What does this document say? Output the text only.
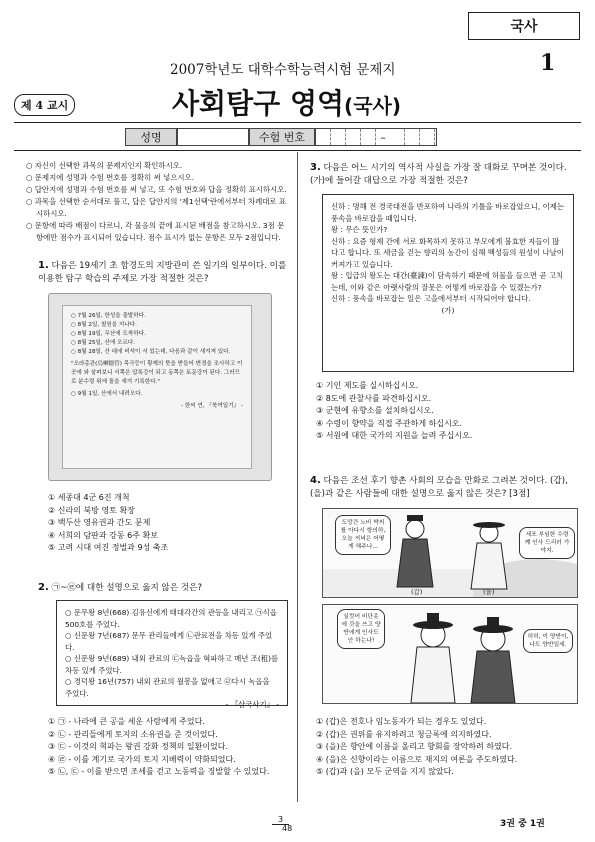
국사
2007학년도 대학수학능력시험 문제지	1
제 4 교시	사회탐구 영역(국사)
성명	수험 번호	–
○ 자신이 선택한 과목의 문제지인지 확인하시오.
○ 문제지에 성명과 수험 번호를 정확히 써 넣으시오.
○ 답안지에 성명과 수험 번호를 써 넣고, 또 수험 번호와 답을 정확히 표시하시오.
○ 과목을 선택한 순서대로 풀고, 답은 답안지의 '제1선택'란에서부터 차례대로 표시하시오.
○ 문항에 따라 배점이 다르니, 각 물음의 끝에 표시된 배점을 참고하시오. 3점 문항에만 점수가 표시되어 있습니다. 점수 표시가 없는 문항은 모두 2점입니다.
1. 다음은 19세기 초 함경도의 지방관이 쓴 일기의 일부이다. 이를 이용한 탐구 학습의 주제로 가장 적절한 것은?
○ 7월 26일, 한성을 출발하다.
○ 8월 2일, 철원을 지나다.
○ 8월 19일, 무산에 도착하다.
○ 8월 25일, 산에 오르다.
○ 8월 28일, 산 대에 비석이 서 있는데, 다음과 같이 새겨져 있다.
"오라총관(烏喇摠管) 목극등이 황제의 뜻을 받들어 변경을 조사하고 이곳에 와 살펴보니 서쪽은 압록강이 되고 동쪽은 토문강이 된다. 그러므로 분수령 위에 돌을 새겨 기록한다."
○ 9월 1일, 산에서 내려오다.
- 한씨 연, 『북여일기』 -
① 세종대 4군 6진 개척
② 신라의 북방 영토 확장
③ 백두산 영유권과 간도 문제
④ 서희의 담판과 강동 6주 확보
⑤ 고려 시대 여진 정벌과 9성 축조
2. ㉠~㉣에 대한 설명으로 옳지 않은 것은?
○ 문무왕 8년(668) 김유신에게 태대각간의 관등을 내리고 ㉠식읍 500호를 주었다.
○ 신문왕 7년(687) 문무 관리들에게 ㉡관료전을 차등 있게 주었다.
○ 신문왕 9년(689) 내외 관료의 ㉢녹읍을 혁파하고 매년 조(租)를 차등 있게 주었다.
○ 경덕왕 16년(757) 내외 관료의 월봉을 없애고 ㉣다시 녹읍을 주었다.
- 『삼국사기』 -
① ㉠ - 나라에 큰 공을 세운 사람에게 주었다.
② ㉡ - 관리들에게 토지의 소유권을 준 것이었다.
③ ㉢ - 이것의 혁파는 왕권 강화 정책의 일환이었다.
④ ㉣ - 이를 계기로 국가의 토지 지배력이 약화되었다.
⑤ ㉡, ㉢ - 이를 받으면 조세를 걷고 노동력을 징발할 수 있었다.
3. 다음은 어느 시기의 역사적 사실을 가장 잘 대화로 꾸며본 것이다. (가)에 들어갈 대답으로 가장 적절한 것은?
신하 : 명해 전 경국대전을 반포하여 나라의 기틀을 바로잡았으니, 이제는 풍속을 바로잡을 때입니다.
왕 : 무슨 뜻인가?
신하 : 요즘 형제 간에 서로 화목하지 못하고 부모에게 불효한 자들이 많다고 합니다. 또 세금을 걷는 향리의 농간이 심해 백성들의 원성이 나날이 커져가고 있습니다.
왕 : 입급의 왕도는 대간(臺諫)이 담속하기 때문에 허물을 들으면 곧 고치는데, 이와 같은 아랫사람의 잘못은 어떻게 바로잡을 수 있겠는가?
신하 : 풍속을 바로잡는 일은 고을에서부터 시작되어야 합니다.
(가)
① 기인 제도를 실시하십시오.
② 8도에 관찰사를 파견하십시오.
③ 군현에 유향소를 설치하십시오.
④ 수령이 향약을 직접 주관하게 하십시오.
⑤ 서원에 대한 국가의 지원을 늘려 주십시오.
4. 다음은 조선 후기 향촌 사회의 모습을 만화로 그려본 것이다. (갑), (을)과 같은 사람들에 대한 설명으로 옳지 않은 것은? [3점]
도망간 노비 박씨를 아다시 항의하, 오늘 저녁은 어떻게 해주나...
세포 부임한 수령께 인사 드리러 가야지.
(갑)	(을)
실컷어 비단옷에 갓을 쓰고 양반에게 인사도 안 하는나!
허허, 이 양반이, 나도 양반일세.
① (갑)은 전호나 임노동자가 되는 경우도 있었다.
② (갑)은 권위를 유지하려고 청금록에 의지하였다.
③ (을)은 향안에 이름을 올리고 향회를 장악하려 하였다.
④ (을)은 신향이라는 이름으로 재지의 여론을 주도하였다.
⑤ (갑)과 (을) 모두 군역을 지지 않았다.
3
48	3권 중 1권
